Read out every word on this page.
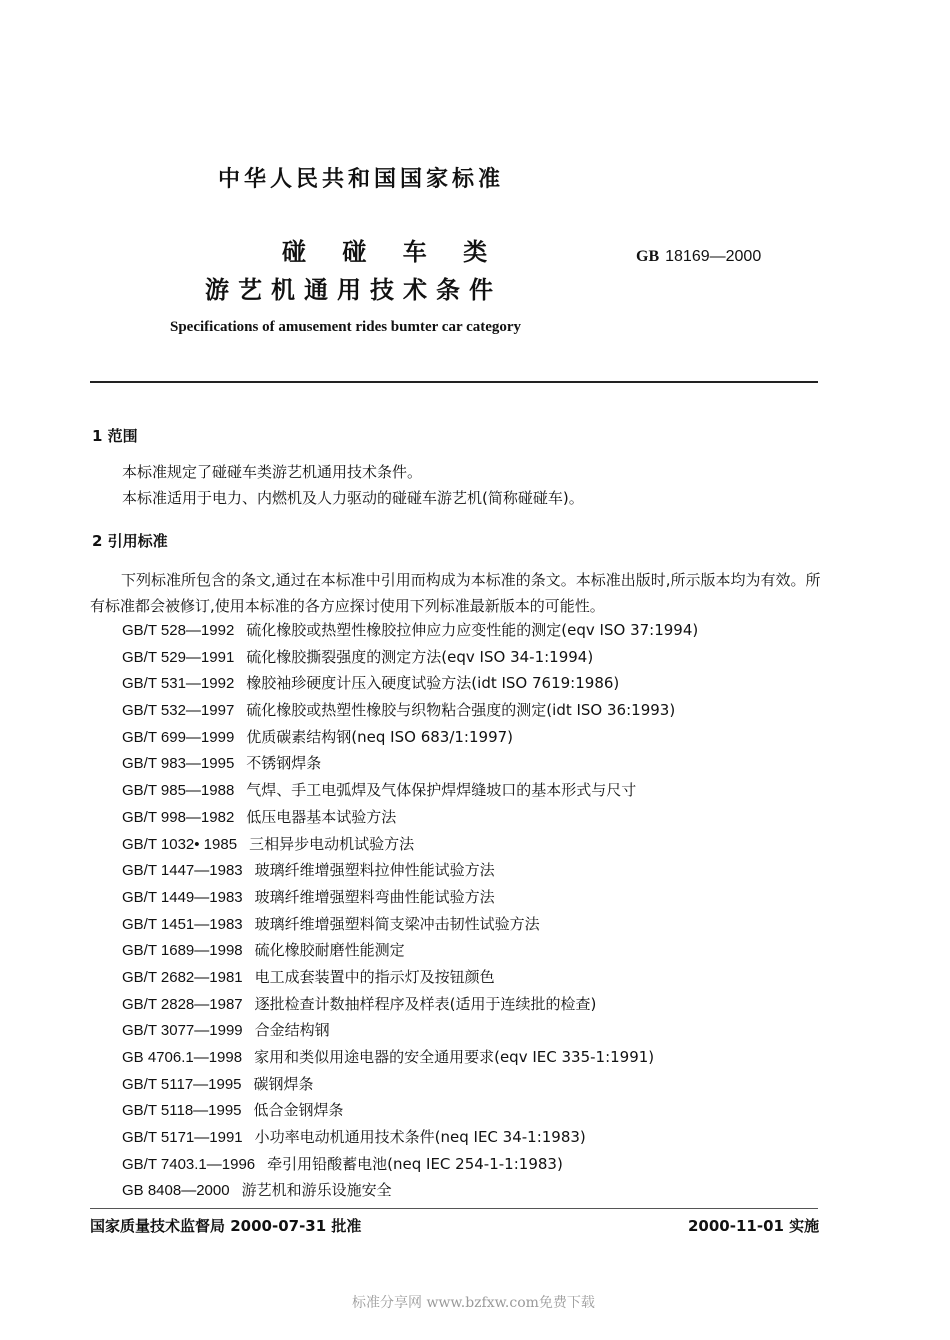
中华人民共和国国家标准
碰 碰 车 类
游艺机通用技术条件
GB 18169—2000
Specifications of amusement rides bumter car category
1 范围
本标准规定了碰碰车类游艺机通用技术条件。
本标准适用于电力、内燃机及人力驱动的碰碰车游艺机(简称碰碰车)。
2 引用标准
下列标准所包含的条文,通过在本标准中引用而构成为本标准的条文。本标准出版时,所示版本均为有效。所有标准都会被修订,使用本标准的各方应探讨使用下列标准最新版本的可能性。
GB/T 528—1992 硫化橡胶或热塑性橡胶拉伸应力应变性能的测定(eqv ISO 37:1994)
GB/T 529—1991 硫化橡胶撕裂强度的测定方法(eqv ISO 34-1:1994)
GB/T 531—1992 橡胶袖珍硬度计压入硬度试验方法(idt ISO 7619:1986)
GB/T 532—1997 硫化橡胶或热塑性橡胶与织物粘合强度的测定(idt ISO 36:1993)
GB/T 699—1999 优质碳素结构钢(neq ISO 683/1:1997)
GB/T 983—1995 不锈钢焊条
GB/T 985—1988 气焊、手工电弧焊及气体保护焊焊缝坡口的基本形式与尺寸
GB/T 998—1982 低压电器基本试验方法
GB/T 1032• 1985 三相异步电动机试验方法
GB/T 1447—1983 玻璃纤维增强塑料拉伸性能试验方法
GB/T 1449—1983 玻璃纤维增强塑料弯曲性能试验方法
GB/T 1451—1983 玻璃纤维增强塑料简支梁冲击韧性试验方法
GB/T 1689—1998 硫化橡胶耐磨性能测定
GB/T 2682—1981 电工成套装置中的指示灯及按钮颜色
GB/T 2828—1987 逐批检查计数抽样程序及样表(适用于连续批的检查)
GB/T 3077—1999 合金结构钢
GB 4706.1—1998 家用和类似用途电器的安全通用要求(eqv IEC 335-1:1991)
GB/T 5117—1995 碳钢焊条
GB/T 5118—1995 低合金钢焊条
GB/T 5171—1991 小功率电动机通用技术条件(neq IEC 34-1:1983)
GB/T 7403.1—1996 牵引用铅酸蓄电池(neq IEC 254-1-1:1983)
GB 8408—2000 游艺机和游乐设施安全
国家质量技术监督局 2000-07-31 批准	2000-11-01 实施
标准分享网 www.bzfxw.com免费下载
